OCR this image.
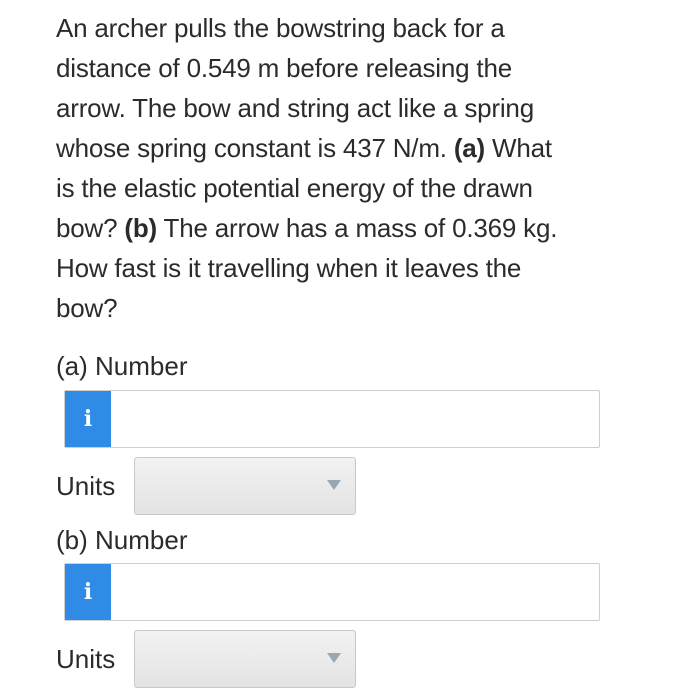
An archer pulls the bowstring back for a
distance of 0.549 m before releasing the
arrow. The bow and string act like a spring
whose spring constant is 437 N/m. (a) What
is the elastic potential energy of the drawn
bow? (b) The arrow has a mass of 0.369 kg.
How fast is it travelling when it leaves the
bow?
(a) Number
i
Units
(b) Number
i
Units
